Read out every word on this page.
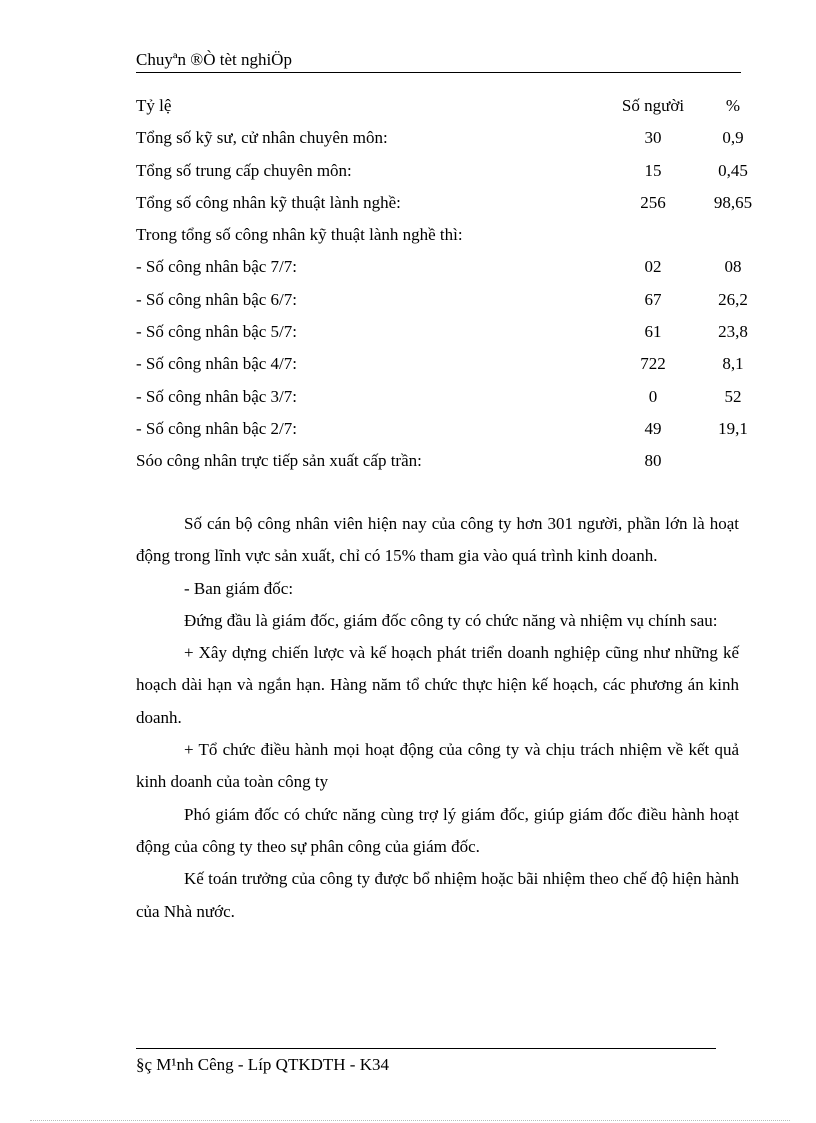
Chuyªn ®Ò tèt nghiÖp
Tỷ lệ	Số người	%
Tổng số kỹ sư, cử nhân chuyên môn:	30	0,9
Tổng số trung cấp chuyên môn:	15	0,45
Tổng số công nhân kỹ thuật lành nghề:	256	98,65
Trong tổng số công nhân kỹ thuật lành nghề thì:
- Số công nhân bậc 7/7:	02	08
- Số công nhân bậc 6/7:	67	26,2
- Số công nhân bậc 5/7:	61	23,8
- Số công nhân bậc 4/7:	722	8,1
- Số công nhân bậc 3/7:	0	52
- Số công nhân bậc 2/7:	49	19,1
Sóo công nhân trực tiếp sản xuất cấp trần:	80

Số cán bộ công nhân viên hiện nay của công ty hơn 301 người, phần lớn là hoạt động trong lĩnh vực sản xuất, chỉ có 15% tham gia vào quá trình kinh doanh.

- Ban giám đốc:

Đứng đầu là giám đốc, giám đốc công ty có chức năng và nhiệm vụ chính sau:

+ Xây dựng chiến lược và kế hoạch phát triển doanh nghiệp cũng như những kế hoạch dài hạn và ngắn hạn. Hàng năm tổ chức thực hiện kế hoạch, các phương án kinh doanh.

+ Tổ chức điều hành mọi hoạt động của công ty và chịu trách nhiệm về kết quả kinh doanh của toàn công ty

Phó giám đốc có chức năng cùng trợ lý giám đốc, giúp giám đốc điều hành hoạt động của công ty theo sự phân công của giám đốc.

Kế toán trưởng của công ty được bổ nhiệm hoặc bãi nhiệm theo chế độ hiện hành của Nhà nước.

§ç M¹nh Cêng - Líp QTKDTH - K34
